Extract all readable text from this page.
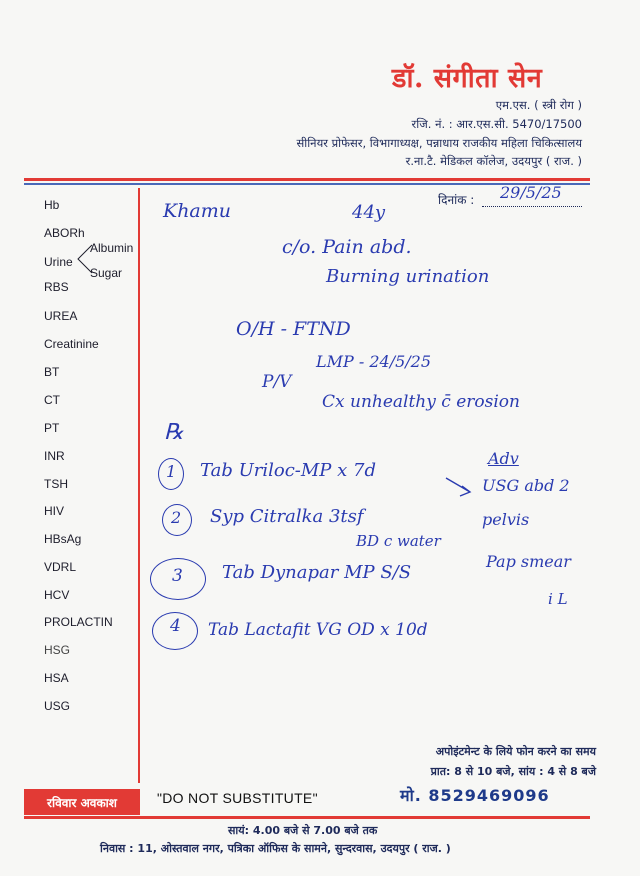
डॉ. संगीता सेन
एम.एस. ( स्त्री रोग )
रजि. नं. : आर.एस.सी. 5470/17500
सीनियर प्रोफेसर, विभागाध्यक्ष, पन्नाधाय राजकीय महिला चिकित्सालय
र.ना.टै. मेडिकल कॉलेज, उदयपुर ( राज. )
दिनांक : 29/5/25
Hb
ABORh
Urine
Albumin
Sugar
RBS
UREA
Creatinine
BT
CT
PT
INR
TSH
HIV
HBsAg
VDRL
HCV
PROLACTIN
HSG
HSA
USG
Khamu	44y
c/o. Pain abd.
Burning urination
O/H - FTND
LMP - 24/5/25
P/V
Cx unhealthy c̄ erosion
℞
1 Tab Uriloc-MP x 7d
2 Syp Citralka 3tsf
BD c water
3 Tab Dynapar MP S/S
4 Tab Lactafit VG OD x 10d
Adv
USG abd 2
pelvis
Pap smear
i L
अपोइंटमेन्ट के लिये फोन करने का समय
प्रात: 8 से 10 बजे, सांय : 4 से 8 बजे
मो. 8529469096
रविवार अवकाश	"DO NOT SUBSTITUTE"
सायं: 4.00 बजे से 7.00 बजे तक
निवास : 11, ओस्तवाल नगर, पत्रिका ऑफिस के सामने, सुन्दरवास, उदयपुर ( राज. )
